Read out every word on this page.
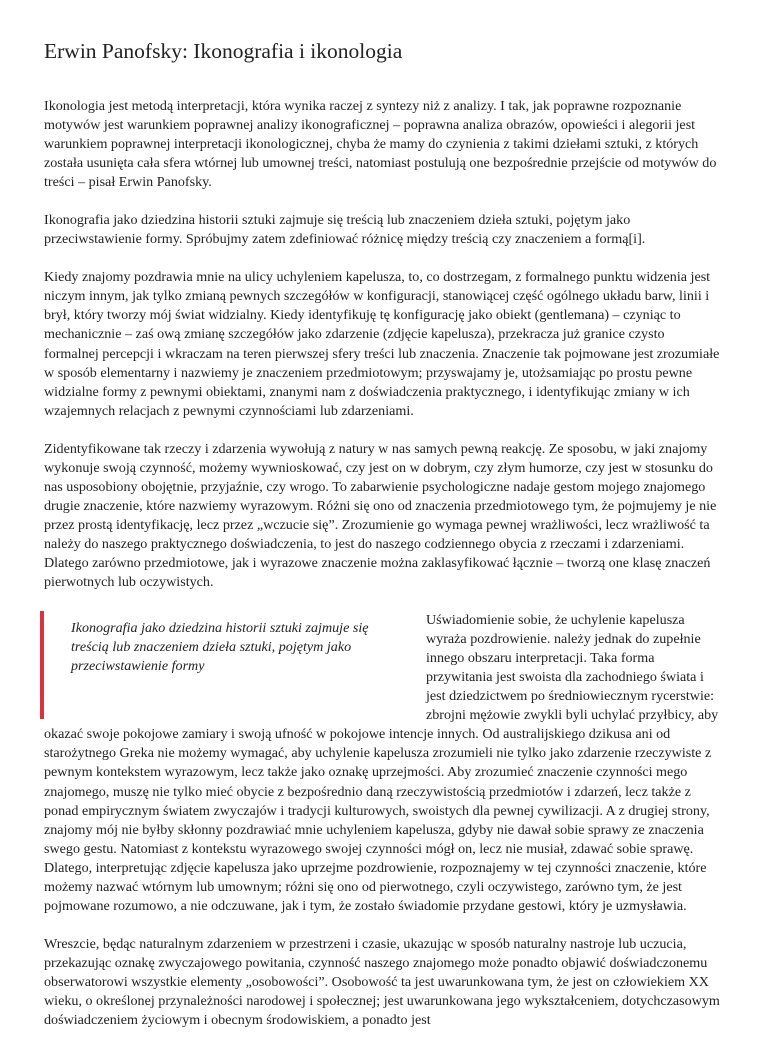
Erwin Panofsky: Ikonografia i ikonologia

Ikonologia jest metodą interpretacji, która wynika raczej z syntezy niż z analizy. I tak, jak poprawne rozpoznanie motywów jest warunkiem poprawnej analizy ikonograficznej – poprawna analiza obrazów, opowieści i alegorii jest warunkiem poprawnej interpretacji ikonologicznej, chyba że mamy do czynienia z takimi dziełami sztuki, z których została usunięta cała sfera wtórnej lub umownej treści, natomiast postulują one bezpośrednie przejście od motywów do treści – pisał Erwin Panofsky.

Ikonografia jako dziedzina historii sztuki zajmuje się treścią lub znaczeniem dzieła sztuki, pojętym jako przeciwstawienie formy. Spróbujmy zatem zdefiniować różnicę między treścią czy znaczeniem a formą[i].

Kiedy znajomy pozdrawia mnie na ulicy uchyleniem kapelusza, to, co dostrzegam, z formalnego punktu widzenia jest niczym innym, jak tylko zmianą pewnych szczegółów w konfiguracji, stanowiącej część ogólnego układu barw, linii i brył, który tworzy mój świat widzialny. Kiedy identyfikuję tę konfigurację jako obiekt (gentlemana) – czyniąc to mechanicznie – zaś ową zmianę szczegółów jako zdarzenie (zdjęcie kapelusza), przekracza już granice czysto formalnej percepcji i wkraczam na teren pierwszej sfery treści lub znaczenia. Znaczenie tak pojmowane jest zrozumiałe w sposób elementarny i nazwiemy je znaczeniem przedmiotowym; przyswajamy je, utożsamiając po prostu pewne widzialne formy z pewnymi obiektami, znanymi nam z doświadczenia praktycznego, i identyfikując zmiany w ich wzajemnych relacjach z pewnymi czynnościami lub zdarzeniami.

Zidentyfikowane tak rzeczy i zdarzenia wywołują z natury w nas samych pewną reakcję. Ze sposobu, w jaki znajomy wykonuje swoją czynność, możemy wywnioskować, czy jest on w dobrym, czy złym humorze, czy jest w stosunku do nas usposobiony obojętnie, przyjaźnie, czy wrogo. To zabarwienie psychologiczne nadaje gestom mojego znajomego drugie znaczenie, które nazwiemy wyrazowym. Różni się ono od znaczenia przedmiotowego tym, że pojmujemy je nie przez prostą identyfikację, lecz przez „wczucie się”. Zrozumienie go wymaga pewnej wrażliwości, lecz wrażliwość ta należy do naszego praktycznego doświadczenia, to jest do naszego codziennego obycia z rzeczami i zdarzeniami. Dlatego zarówno przedmiotowe, jak i wyrazowe znaczenie można zaklasyfikować łącznie – tworzą one klasę znaczeń pierwotnych lub oczywistych.

Ikonografia jako dziedzina historii sztuki zajmuje się treścią lub znaczeniem dzieła sztuki, pojętym jako przeciwstawienie formy

Uświadomienie sobie, że uchylenie kapelusza wyraża pozdrowienie. należy jednak do zupełnie innego obszaru interpretacji. Taka forma przywitania jest swoista dla zachodniego świata i jest dziedzictwem po średniowiecznym rycerstwie: zbrojni mężowie zwykli byli uchylać przyłbicy, aby okazać swoje pokojowe zamiary i swoją ufność w pokojowe intencje innych. Od australijskiego dzikusa ani od starożytnego Greka nie możemy wymagać, aby uchylenie kapelusza zrozumieli nie tylko jako zdarzenie rzeczywiste z pewnym kontekstem wyrazowym, lecz także jako oznakę uprzejmości. Aby zrozumieć znaczenie czynności mego znajomego, muszę nie tylko mieć obycie z bezpośrednio daną rzeczywistością przedmiotów i zdarzeń, lecz także z ponad empirycznym światem zwyczajów i tradycji kulturowych, swoistych dla pewnej cywilizacji. A z drugiej strony, znajomy mój nie byłby skłonny pozdrawiać mnie uchyleniem kapelusza, gdyby nie dawał sobie sprawy ze znaczenia swego gestu. Natomiast z kontekstu wyrazowego swojej czynności mógł on, lecz nie musiał, zdawać sobie sprawę. Dlatego, interpretując zdjęcie kapelusza jako uprzejme pozdrowienie, rozpoznajemy w tej czynności znaczenie, które możemy nazwać wtórnym lub umownym; różni się ono od pierwotnego, czyli oczywistego, zarówno tym, że jest pojmowane rozumowo, a nie odczuwane, jak i tym, że zostało świadomie przydane gestowi, który je uzmysławia.

Wreszcie, będąc naturalnym zdarzeniem w przestrzeni i czasie, ukazując w sposób naturalny nastroje lub uczucia, przekazując oznakę zwyczajowego powitania, czynność naszego znajomego może ponadto objawić doświadczonemu obserwatorowi wszystkie elementy „osobowości”. Osobowość ta jest uwarunkowana tym, że jest on człowiekiem XX wieku, o określonej przynależności narodowej i społecznej; jest uwarunkowana jego wykształceniem, dotychczasowym doświadczeniem życiowym i obecnym środowiskiem, a ponadto jest
